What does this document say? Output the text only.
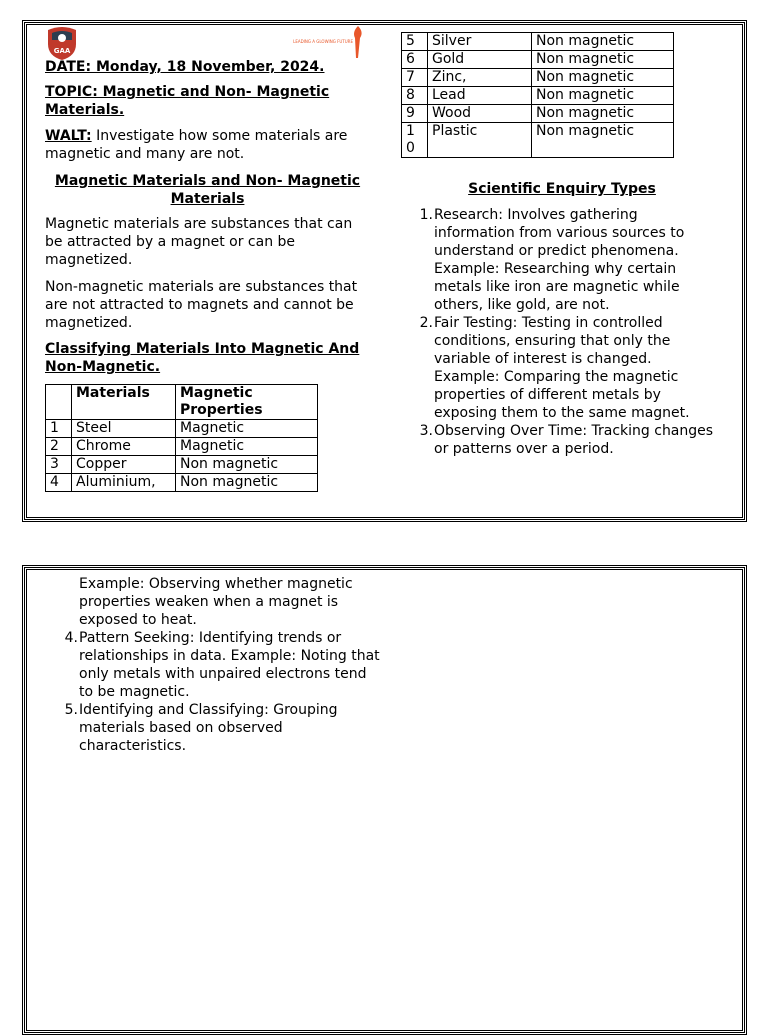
GAA
LEADING A GLOWING FUTURE

DATE: Monday, 18 November, 2024.

TOPIC: Magnetic and Non- Magnetic Materials.

WALT: Investigate how some materials are magnetic and many are not.

Magnetic Materials and Non- Magnetic Materials

Magnetic materials are substances that can be attracted by a magnet or can be magnetized.

Non-magnetic materials are substances that are not attracted to magnets and cannot be magnetized.

Classifying Materials Into Magnetic And Non-Magnetic.

	Materials	Magnetic Properties
1	Steel	Magnetic
2	Chrome	Magnetic
3	Copper	Non magnetic
4	Aluminium,	Non magnetic
5	Silver	Non magnetic
6	Gold	Non magnetic
7	Zinc,	Non magnetic
8	Lead	Non magnetic
9	Wood	Non magnetic
1 0	Plastic	Non magnetic

Scientific Enquiry Types

1. Research: Involves gathering information from various sources to understand or predict phenomena. Example: Researching why certain metals like iron are magnetic while others, like gold, are not.
2. Fair Testing: Testing in controlled conditions, ensuring that only the variable of interest is changed. Example: Comparing the magnetic properties of different metals by exposing them to the same magnet.
3. Observing Over Time: Tracking changes or patterns over a period.

Example: Observing whether magnetic properties weaken when a magnet is exposed to heat.

4. Pattern Seeking: Identifying trends or relationships in data. Example: Noting that only metals with unpaired electrons tend to be magnetic.
5. Identifying and Classifying: Grouping materials based on observed characteristics.
